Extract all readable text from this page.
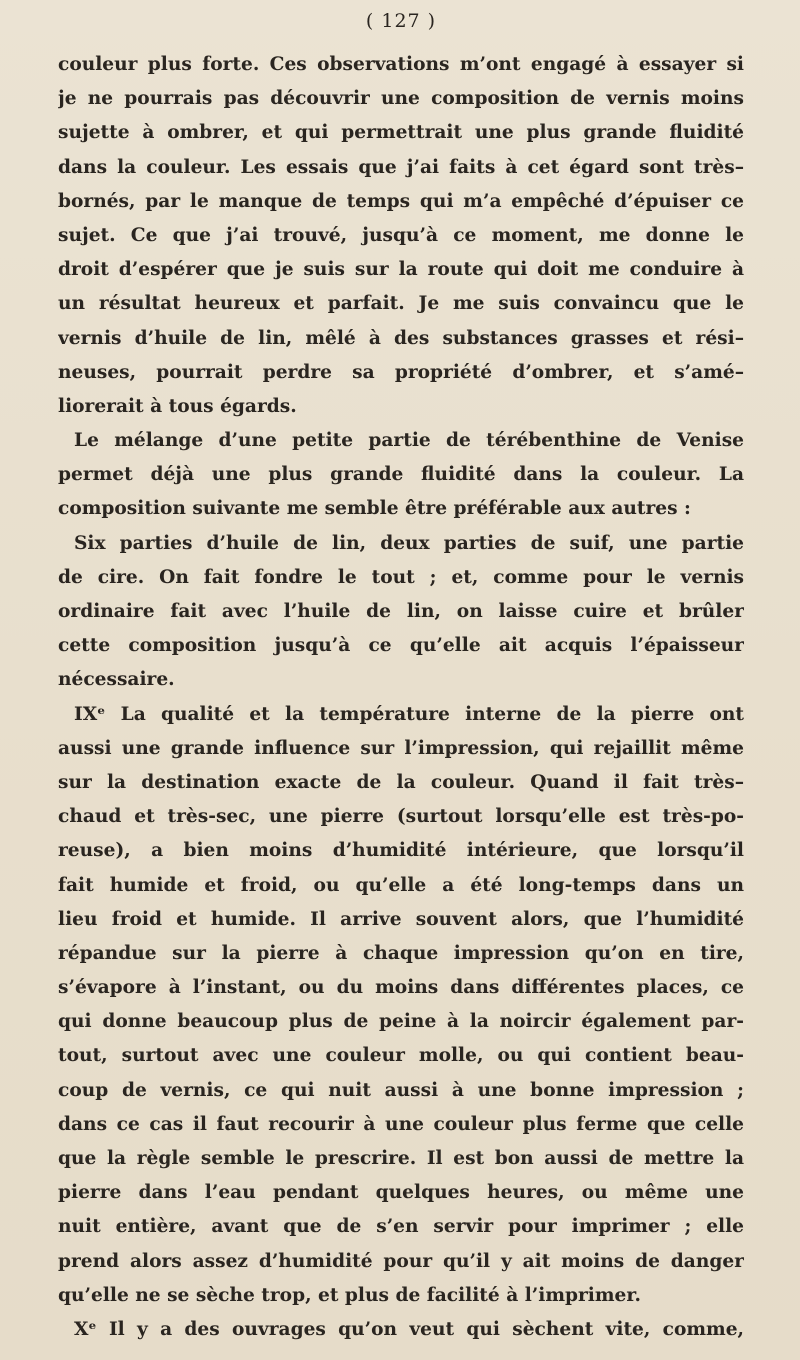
( 127 )
couleur plus forte. Ces observations m’ont engagé à essayer si
je ne pourrais pas découvrir une composition de vernis moins
sujette à ombrer, et qui permettrait une plus grande fluidité
dans la couleur. Les essais que j’ai faits à cet égard sont très–
bornés, par le manque de temps qui m’a empêché d’épuiser ce
sujet. Ce que j’ai trouvé, jusqu’à ce moment, me donne le
droit d’espérer que je suis sur la route qui doit me conduire à
un résultat heureux et parfait. Je me suis convaincu que le
vernis d’huile de lin, mêlé à des substances grasses et rési–
neuses, pourrait perdre sa propriété d’ombrer, et s’amé–
liorerait à tous égards.
Le mélange d’une petite partie de térébenthine de Venise
permet déjà une plus grande fluidité dans la couleur. La
composition suivante me semble être préférable aux autres :
Six parties d’huile de lin, deux parties de suif, une partie
de cire. On fait fondre le tout ; et, comme pour le vernis
ordinaire fait avec l’huile de lin, on laisse cuire et brûler
cette composition jusqu’à ce qu’elle ait acquis l’épaisseur
nécessaire.
IXᵉ La qualité et la température interne de la pierre ont
aussi une grande influence sur l’impression, qui rejaillit même
sur la destination exacte de la couleur. Quand il fait très–
chaud et très-sec, une pierre (surtout lorsqu’elle est très-po-
reuse), a bien moins d’humidité intérieure, que lorsqu’il
fait humide et froid, ou qu’elle a été long-temps dans un
lieu froid et humide. Il arrive souvent alors, que l’humidité
répandue sur la pierre à chaque impression qu’on en tire,
s’évapore à l’instant, ou du moins dans différentes places, ce
qui donne beaucoup plus de peine à la noircir également par-
tout, surtout avec une couleur molle, ou qui contient beau-
coup de vernis, ce qui nuit aussi à une bonne impression ;
dans ce cas il faut recourir à une couleur plus ferme que celle
que la règle semble le prescrire. Il est bon aussi de mettre la
pierre dans l’eau pendant quelques heures, ou même une
nuit entière, avant que de s’en servir pour imprimer ; elle
prend alors assez d’humidité pour qu’il y ait moins de danger
qu’elle ne se sèche trop, et plus de facilité à l’imprimer.
Xᵉ Il y a des ouvrages qu’on veut qui sèchent vite, comme,
